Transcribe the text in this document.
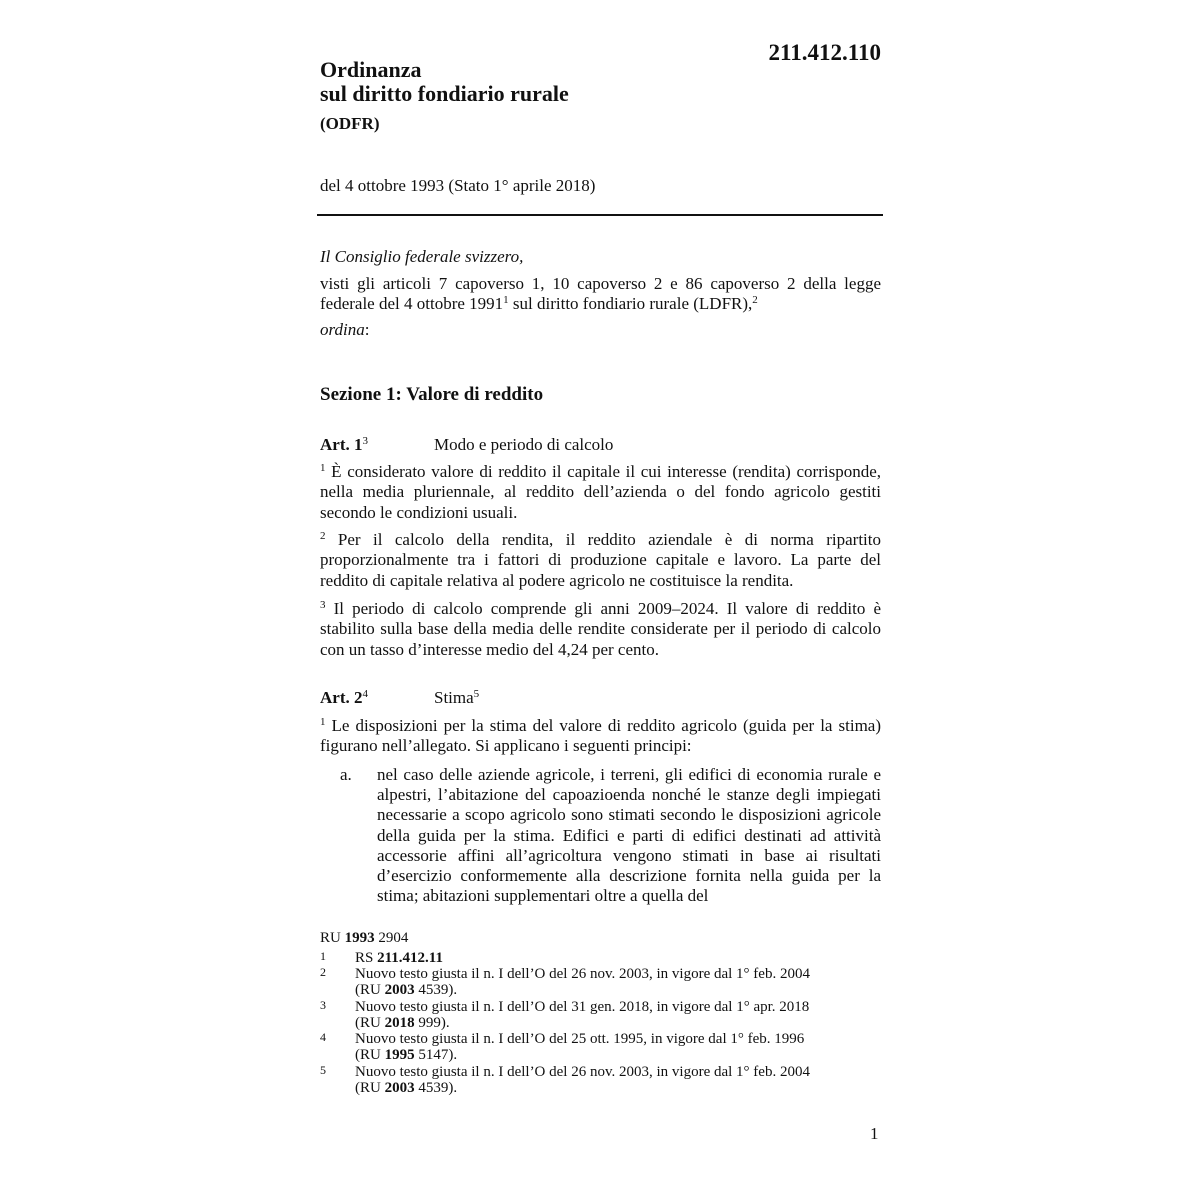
211.412.110
Ordinanza
sul diritto fondiario rurale
(ODFR)
del 4 ottobre 1993 (Stato 1° aprile 2018)
Il Consiglio federale svizzero,

visti gli articoli 7 capoverso 1, 10 capoverso 2 e 86 capoverso 2 della legge federale del 4 ottobre 1991$^1$ sul diritto fondiario rurale (LDFR),$^2$

ordina:
Sezione 1: Valore di reddito
Art. $1^3$	Modo e periodo di calcolo

$^1$ È considerato valore di reddito il capitale il cui interesse (rendita) corrisponde, nella media pluriennale, al reddito dell’azienda o del fondo agricolo gestiti secondo le condizioni usuali.

$^2$ Per il calcolo della rendita, il reddito aziendale è di norma ripartito proporzionalmente tra i fattori di produzione capitale e lavoro. La parte del reddito di capitale relativa al podere agricolo ne costituisce la rendita.

$^3$ Il periodo di calcolo comprende gli anni 2009–2024. Il valore di reddito è stabilito sulla base della media delle rendite considerate per il periodo di calcolo con un tasso d’interesse medio del 4,24 per cento.

Art. $2^4$	Stima$^5$

$^1$ Le disposizioni per la stima del valore di reddito agricolo (guida per la stima) figurano nell’allegato. Si applicano i seguenti principi:

a. nel caso delle aziende agricole, i terreni, gli edifici di economia rurale e alpestri, l’abitazione del capoazioenda nonché le stanze degli impiegati necessarie a scopo agricolo sono stimati secondo le disposizioni agricole della guida per la stima. Edifici e parti di edifici destinati ad attività accessorie affini all’agricoltura vengono stimati in base ai risultati d’esercizio conformemente alla descrizione fornita nella guida per la stima; abitazioni supplementari oltre a quella del

RU 1993 2904
1 RS 211.412.11
2 Nuovo testo giusta il n. I dell’O del 26 nov. 2003, in vigore dal 1° feb. 2004
(RU 2003 4539).
3 Nuovo testo giusta il n. I dell’O del 31 gen. 2018, in vigore dal 1° apr. 2018
(RU 2018 999).
4 Nuovo testo giusta il n. I dell’O del 25 ott. 1995, in vigore dal 1° feb. 1996
(RU 1995 5147).
5 Nuovo testo giusta il n. I dell’O del 26 nov. 2003, in vigore dal 1° feb. 2004
(RU 2003 4539).
1
